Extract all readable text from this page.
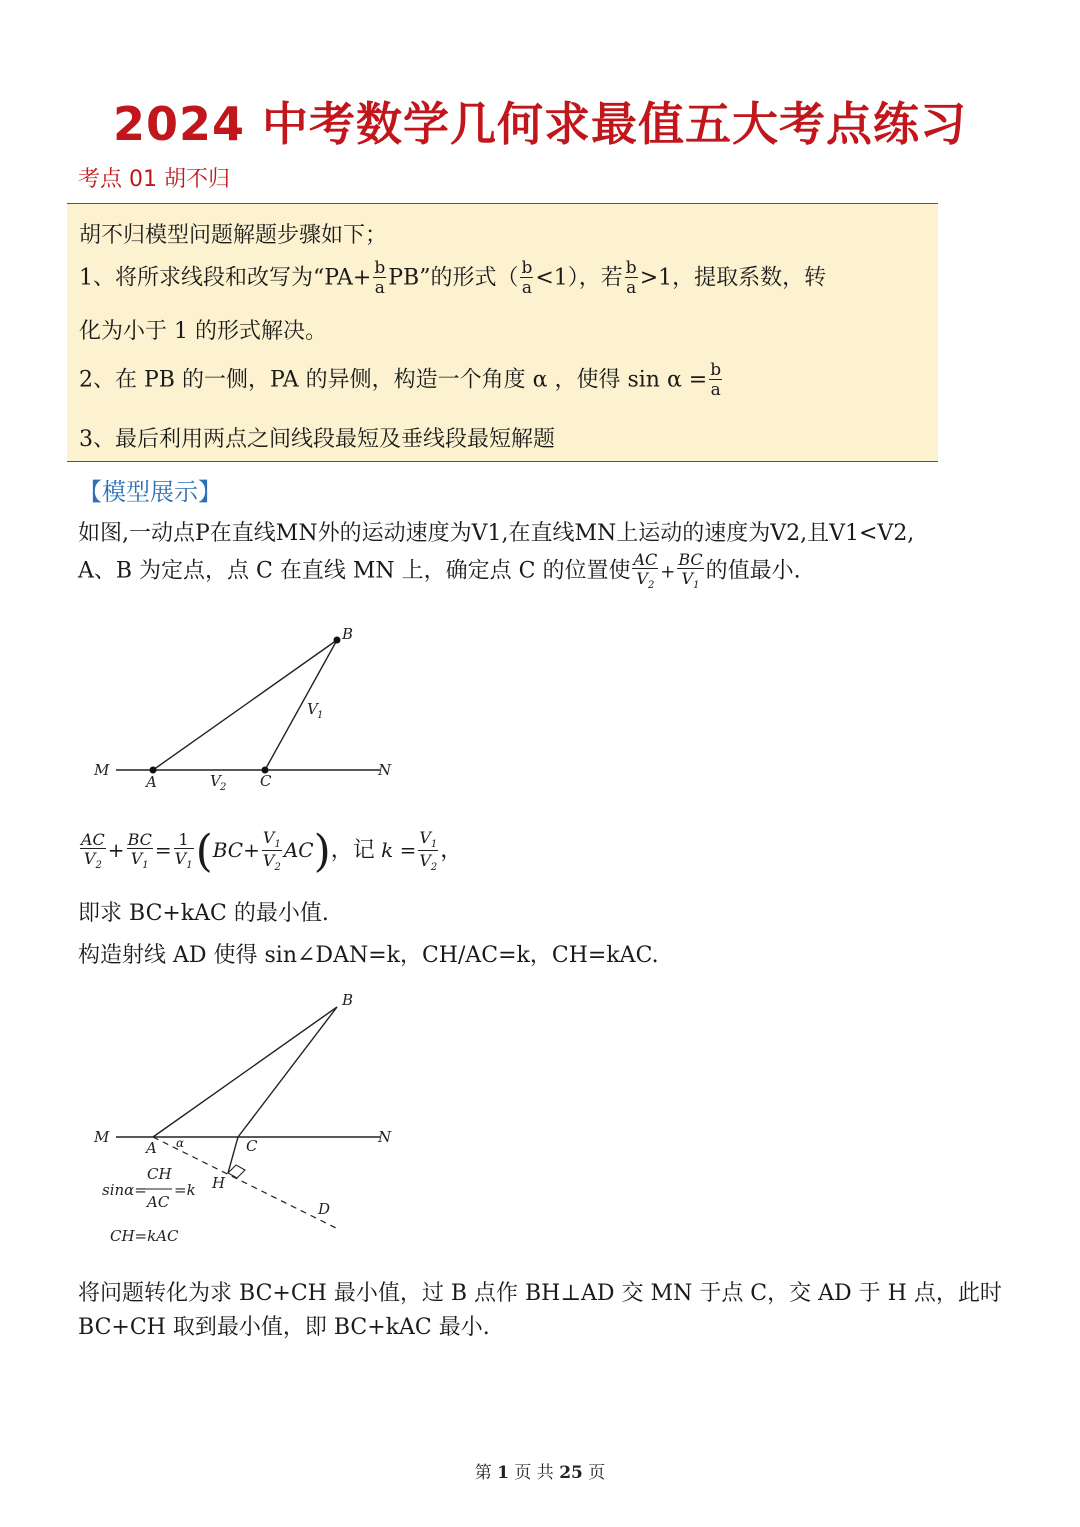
2024 中考数学几何求最值五大考点练习
考点 01 胡不归
胡不归模型问题解题步骤如下；
1、将所求线段和改写为“$PA+ \frac{b}{a}$ PB”的形式（ $\frac{b}{a} <1$），若 $\frac{b}{a} >1$，提取系数，转
化为小于 1 的形式解决。
2、在 PB 的一侧，PA 的异侧，构造一个角度 α ，使得 $\sin \alpha = \frac{b}{a}$
3、最后利用两点之间线段最短及垂线段最短解题
【模型展示】
如图,一动点P在直线MN外的运动速度为V1,在直线MN上运动的速度为V2,且V1<V2,
A、B 为定点，点 C 在直线 MN 上，确定点 C 的位置使 $\frac{AC}{V_2} + \frac{BC}{V_1}$ 的值最小.
B
V 1
M
A	V 2 C
N
$\frac{AC}{V_2} + \frac{BC}{V_1} = \frac{1}{V_1} (BC+ \frac{V_1}{V_2} AC)$，记 $k = \frac{V_1}{V_2}$ ，
即求 BC+kAC 的最小值.
构造射线 AD 使得 sin∠DAN=k，CH/AC=k，CH=kAC.
B
M
A α	C	N
H
D
sinα=
CH
AC
=k
CH=kAC
将问题转化为求 BC+CH 最小值，过 B 点作 BH⊥AD 交 MN 于点 C，交 AD 于 H 点，此时
BC+CH 取到最小值，即 BC+kAC 最小.
第 1 页 共 25 页
